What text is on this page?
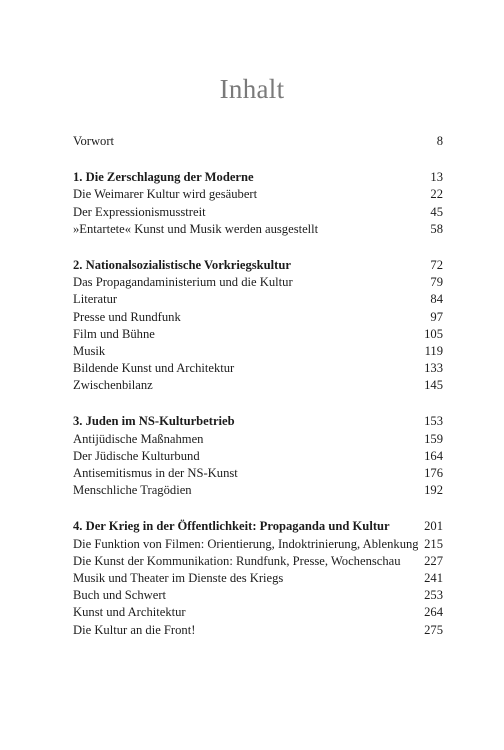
Inhalt
Vorwort	8
1. Die Zerschlagung der Moderne	13
Die Weimarer Kultur wird gesäubert	22
Der Expressionismusstreit	45
»Entartete« Kunst und Musik werden ausgestellt	58
2. Nationalsozialistische Vorkriegskultur	72
Das Propagandaministerium und die Kultur	79
Literatur	84
Presse und Rundfunk	97
Film und Bühne	105
Musik	119
Bildende Kunst und Architektur	133
Zwischenbilanz	145
3. Juden im NS-Kulturbetrieb	153
Antijüdische Maßnahmen	159
Der Jüdische Kulturbund	164
Antisemitismus in der NS-Kunst	176
Menschliche Tragödien	192
4. Der Krieg in der Öffentlichkeit: Propaganda und Kultur	201
Die Funktion von Filmen: Orientierung, Indoktrinierung, Ablenkung 215
Die Kunst der Kommunikation: Rundfunk, Presse, Wochenschau	227
Musik und Theater im Dienste des Kriegs	241
Buch und Schwert	253
Kunst und Architektur	264
Die Kultur an die Front!	275
